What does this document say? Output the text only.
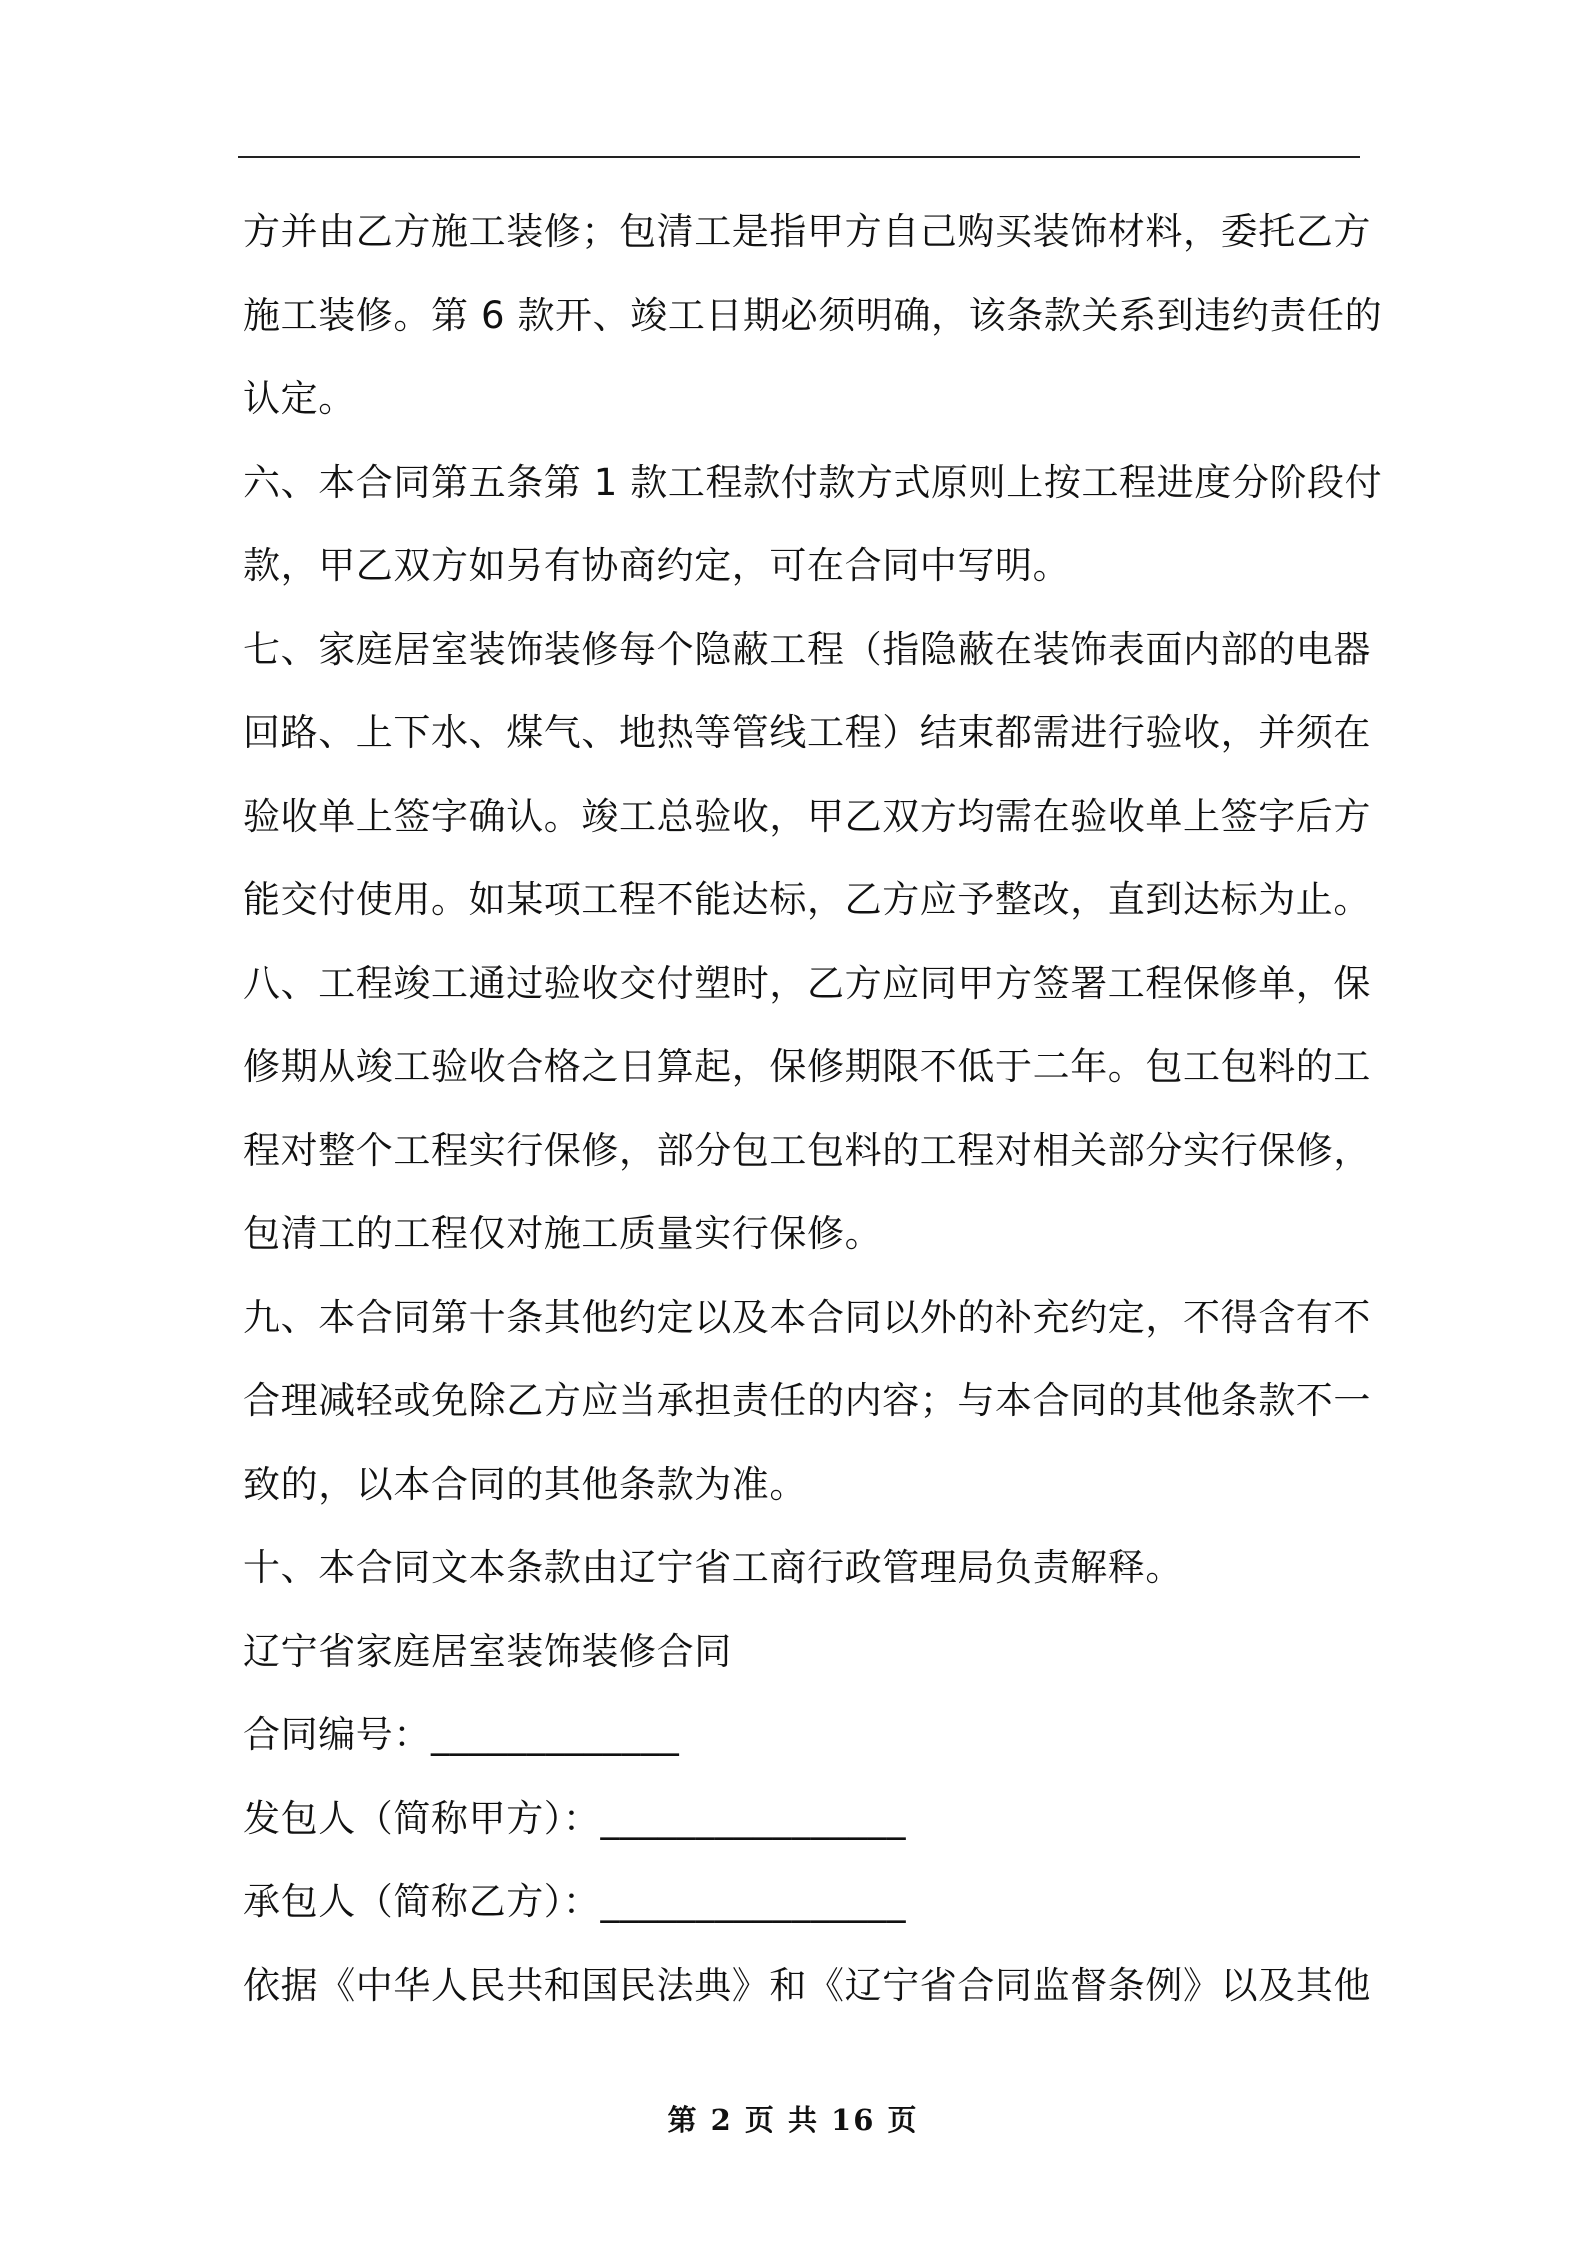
方并由乙方施工装修；包清工是指甲方自己购买装饰材料，委托乙方
施工装修。第 6 款开、竣工日期必须明确，该条款关系到违约责任的
认定。
六、本合同第五条第 1 款工程款付款方式原则上按工程进度分阶段付
款，甲乙双方如另有协商约定，可在合同中写明。
七、家庭居室装饰装修每个隐蔽工程（指隐蔽在装饰表面内部的电器
回路、上下水、煤气、地热等管线工程）结束都需进行验收，并须在
验收单上签字确认。竣工总验收，甲乙双方均需在验收单上签字后方
能交付使用。如某项工程不能达标，乙方应予整改，直到达标为止。
八、工程竣工通过验收交付塑时，乙方应同甲方签署工程保修单，保
修期从竣工验收合格之日算起，保修期限不低于二年。包工包料的工
程对整个工程实行保修，部分包工包料的工程对相关部分实行保修，
包清工的工程仅对施工质量实行保修。
九、本合同第十条其他约定以及本合同以外的补充约定，不得含有不
合理减轻或免除乙方应当承担责任的内容；与本合同的其他条款不一
致的，以本合同的其他条款为准。
十、本合同文本条款由辽宁省工商行政管理局负责解释。
辽宁省家庭居室装饰装修合同
合同编号：_____________
发包人（简称甲方）：________________
承包人（简称乙方）：________________
依据《中华人民共和国民法典》和《辽宁省合同监督条例》以及其他
第 2 页 共 16 页
